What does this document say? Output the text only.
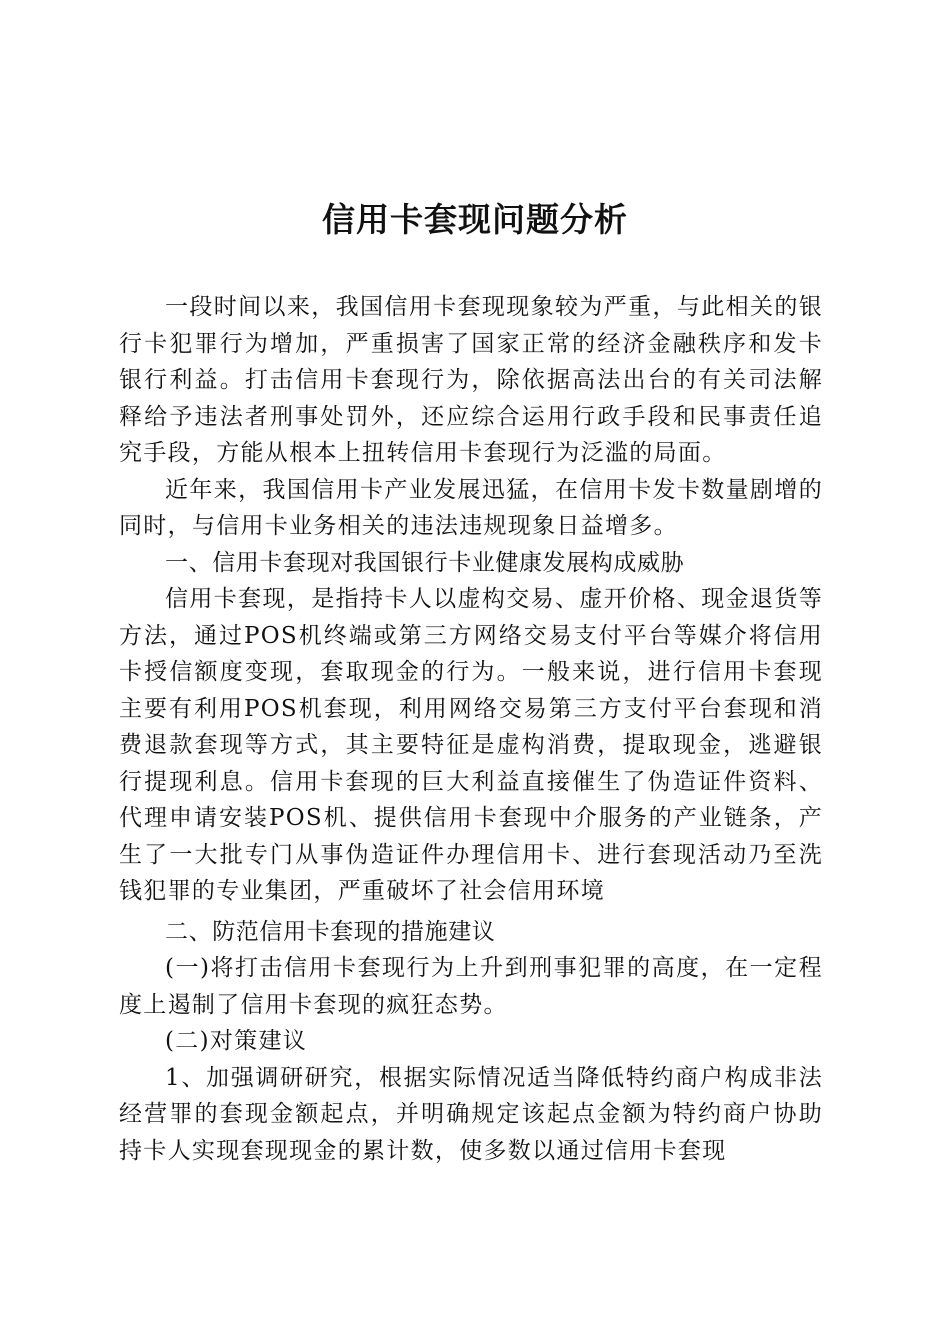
信用卡套现问题分析

一段时间以来，我国信用卡套现现象较为严重，与此相关的银行卡犯罪行为增加，严重损害了国家正常的经济金融秩序和发卡银行利益。打击信用卡套现行为，除依据高法出台的有关司法解释给予违法者刑事处罚外，还应综合运用行政手段和民事责任追究手段，方能从根本上扭转信用卡套现行为泛滥的局面。

近年来，我国信用卡产业发展迅猛，在信用卡发卡数量剧增的同时，与信用卡业务相关的违法违规现象日益增多。

一、信用卡套现对我国银行卡业健康发展构成威胁

信用卡套现，是指持卡人以虚构交易、虚开价格、现金退货等方法，通过POS机终端或第三方网络交易支付平台等媒介将信用卡授信额度变现，套取现金的行为。一般来说，进行信用卡套现主要有利用POS机套现，利用网络交易第三方支付平台套现和消费退款套现等方式，其主要特征是虚构消费，提取现金，逃避银行提现利息。信用卡套现的巨大利益直接催生了伪造证件资料、代理申请安装POS机、提供信用卡套现中介服务的产业链条，产生了一大批专门从事伪造证件办理信用卡、进行套现活动乃至洗钱犯罪的专业集团，严重破坏了社会信用环境

二、防范信用卡套现的措施建议

(一)将打击信用卡套现行为上升到刑事犯罪的高度，在一定程度上遏制了信用卡套现的疯狂态势。

(二)对策建议

1、加强调研研究，根据实际情况适当降低特约商户构成非法经营罪的套现金额起点，并明确规定该起点金额为特约商户协助持卡人实现套现现金的累计数，使多数以通过信用卡套现
